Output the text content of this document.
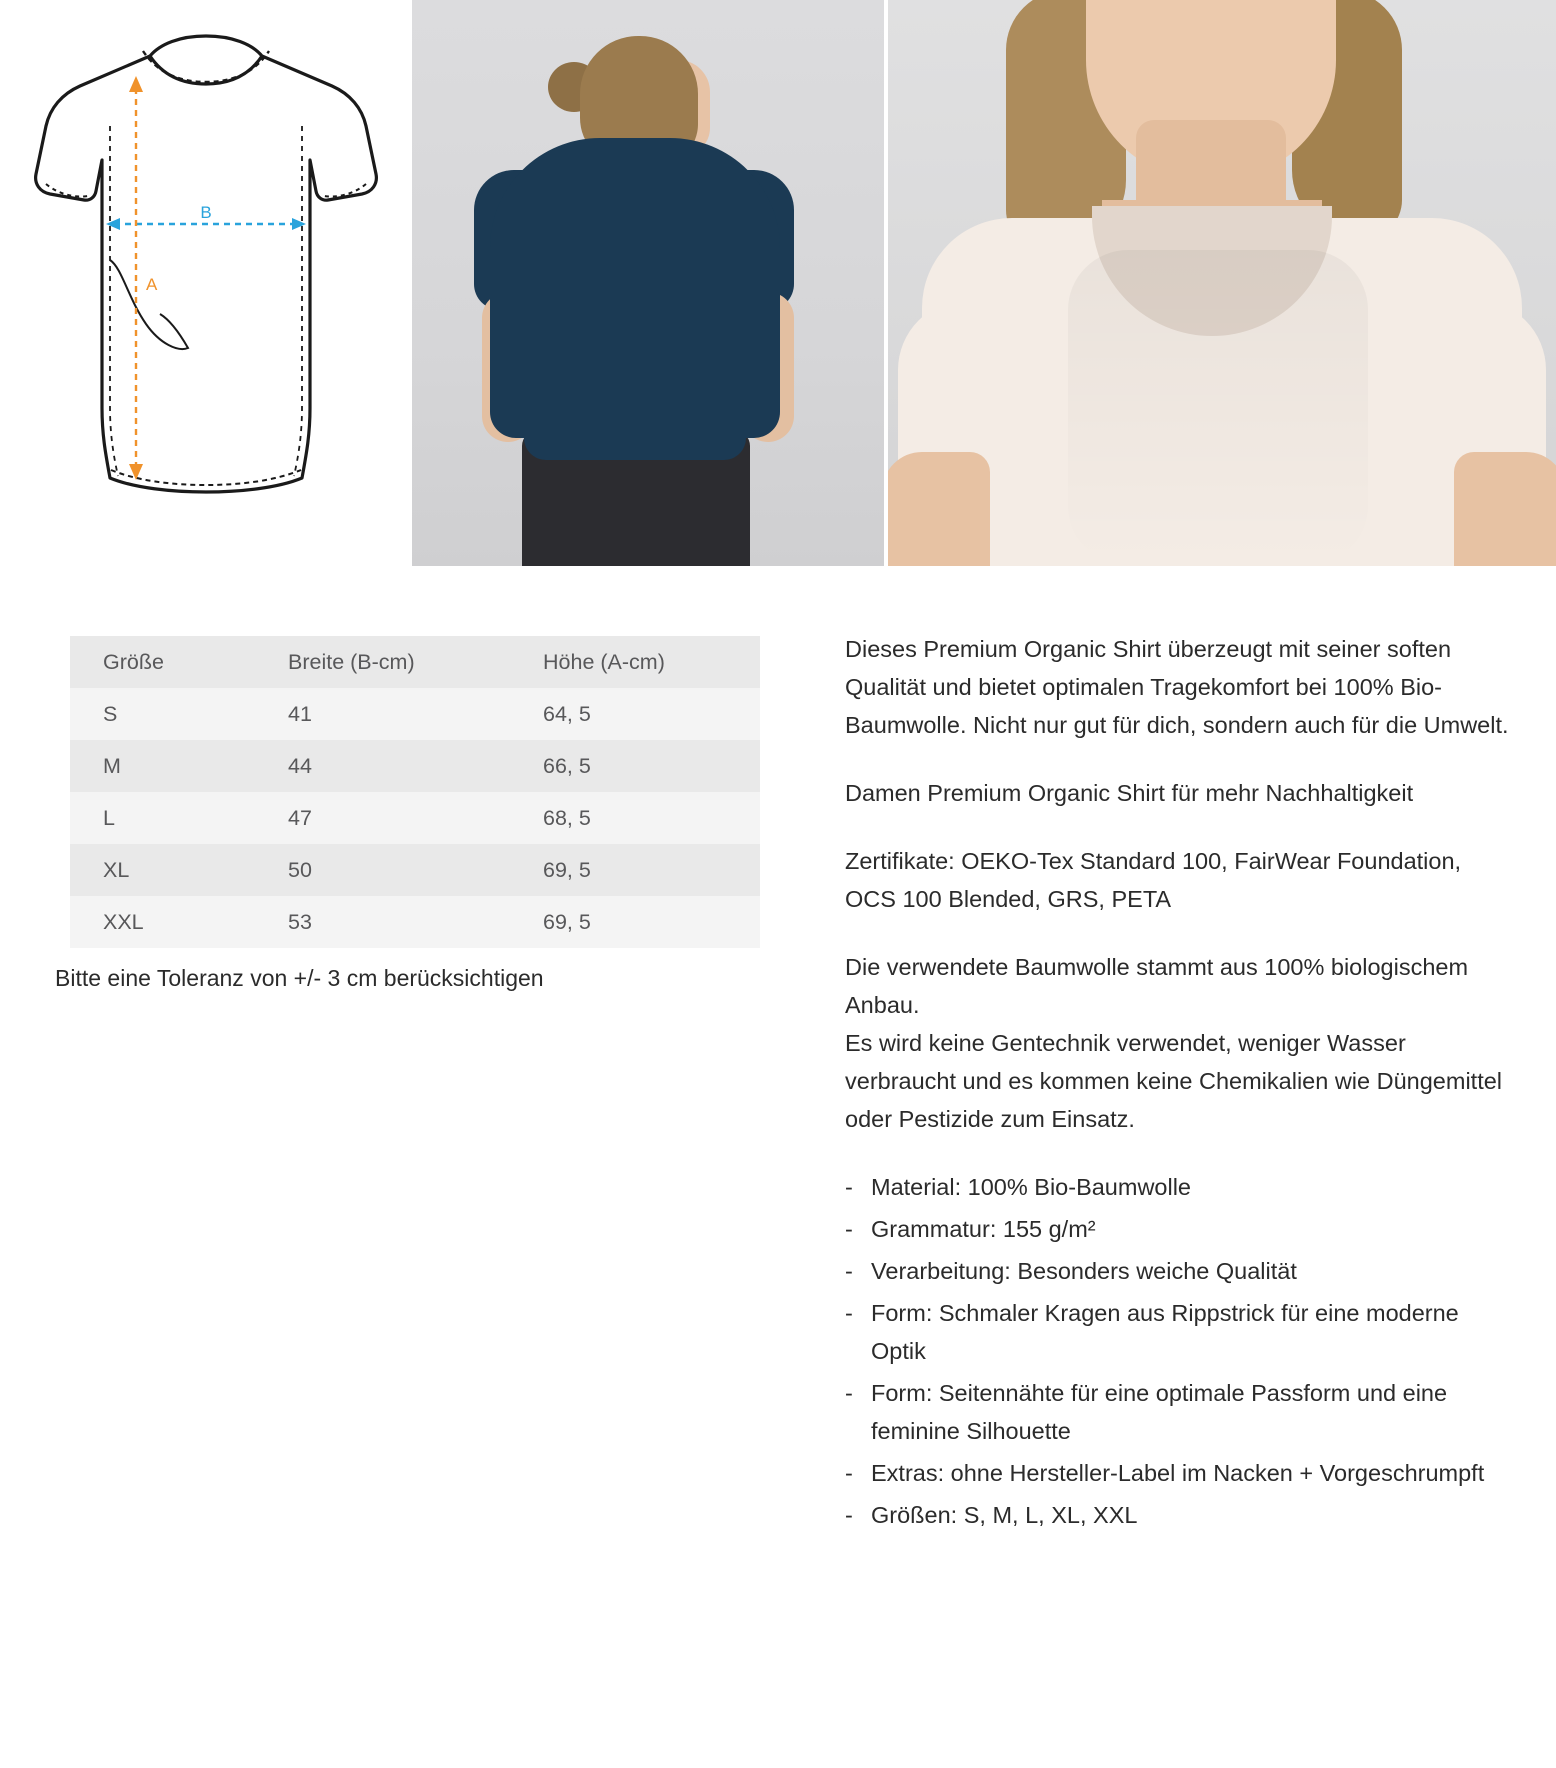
B
A
Größe	Breite (B-cm)	Höhe (A-cm)
S	41	64, 5
M	44	66, 5
L	47	68, 5
XL	50	69, 5
XXL	53	69, 5
Bitte eine Toleranz von +/- 3 cm berücksichtigen

Dieses Premium Organic Shirt überzeugt mit seiner soften Qualität und bietet optimalen Tragekomfort bei 100% Bio-Baumwolle. Nicht nur gut für dich, sondern auch für die Umwelt.

Damen Premium Organic Shirt für mehr Nachhaltigkeit

Zertifikate: OEKO-Tex Standard 100, FairWear Foundation, OCS 100 Blended, GRS, PETA

Die verwendete Baumwolle stammt aus 100% biologischem Anbau.

Es wird keine Gentechnik verwendet, weniger Wasser verbraucht und es kommen keine Chemikalien wie Düngemittel oder Pestizide zum Einsatz.

- Material: 100% Bio-Baumwolle
- Grammatur: 155 g/m²
- Verarbeitung: Besonders weiche Qualität
- Form: Schmaler Kragen aus Rippstrick für eine moderne Optik
- Form: Seitennähte für eine optimale Passform und eine feminine Silhouette
- Extras: ohne Hersteller-Label im Nacken + Vorgeschrumpft
- Größen: S, M, L, XL, XXL
